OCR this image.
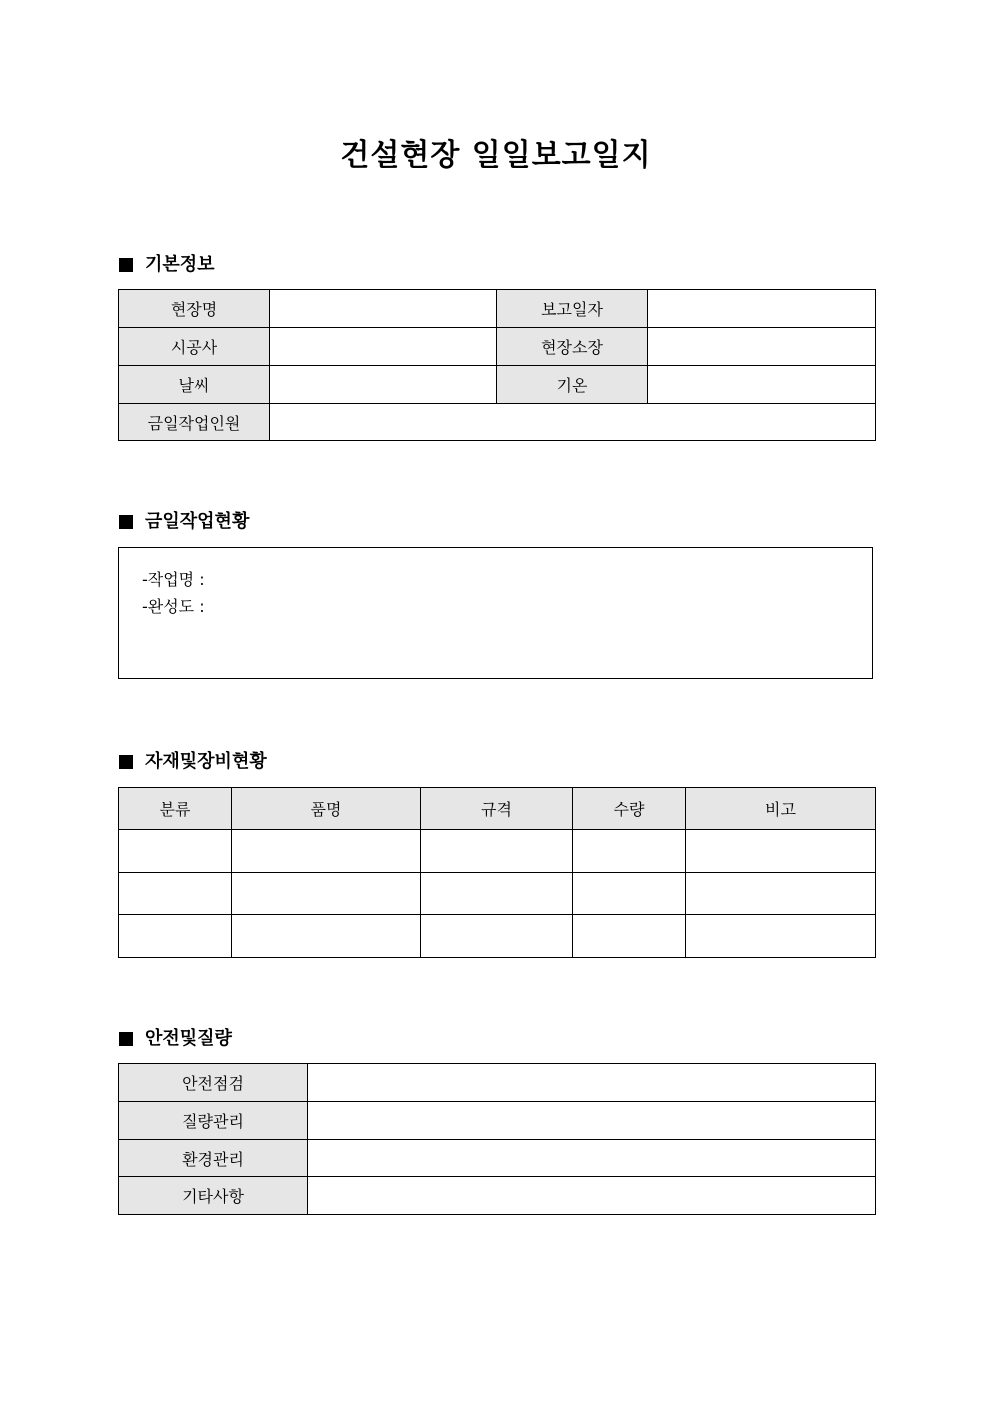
건설현장 일일보고일지
기본정보
현장명		보고일자	
시공사		현장소장	
날씨		기온	
금일작업인원			
금일작업현황
-작업명 :
-완성도 :
자재및장비현황
분류	품명	규격	수량	비고

안전및질량
안전점검	
질량관리	
환경관리	
기타사항	
